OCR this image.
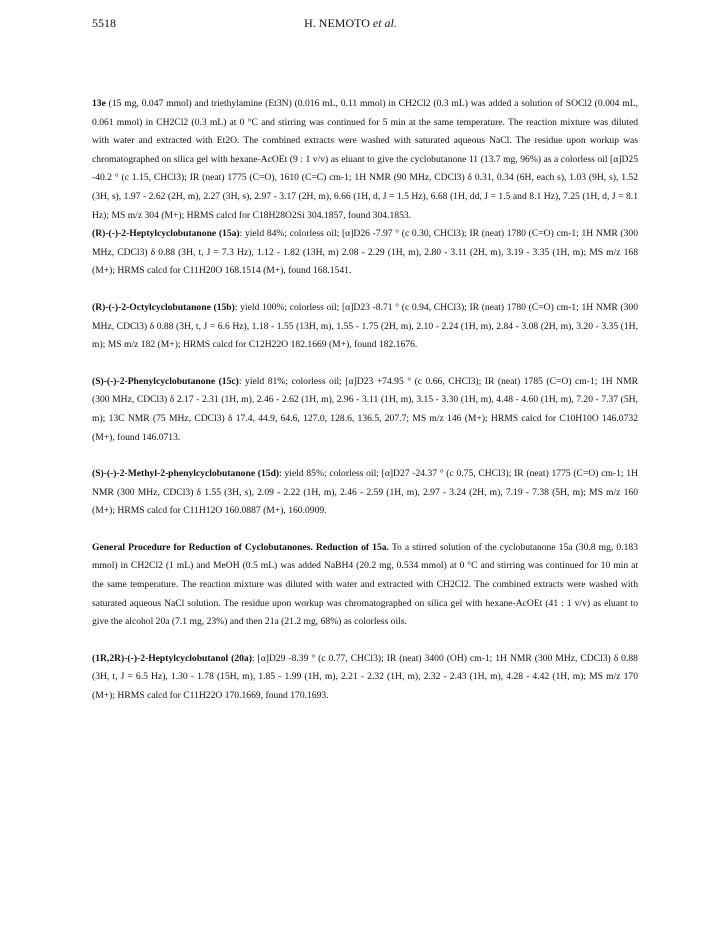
5518	H. NEMOTO et al.

13e (15 mg, 0.047 mmol) and triethylamine (Et3N) (0.016 mL, 0.11 mmol) in CH2Cl2 (0.3 mL) was added a solution of SOCl2 (0.004 mL, 0.061 mmol) in CH2Cl2 (0.3 mL) at 0 °C and stirring was continued for 5 min at the same temperature. The reaction mixture was diluted with water and extracted with Et2O. The combined extracts were washed with saturated aqueous NaCl. The residue upon workup was chromatographed on silica gel with hexane-AcOEt (9 : 1 v/v) as eluant to give the cyclobutanone 11 (13.7 mg, 96%) as a colorless oil [α]D25 -40.2 ° (c 1.15, CHCl3); IR (neat) 1775 (C=O), 1610 (C=C) cm-1; 1H NMR (90 MHz, CDCl3) δ 0.31, 0.34 (6H, each s), 1.03 (9H, s), 1.52 (3H, s), 1.97 - 2.62 (2H, m), 2.27 (3H, s), 2.97 - 3.17 (2H, m), 6.66 (1H, d, J = 1.5 Hz), 6.68 (1H, dd, J = 1.5 and 8.1 Hz), 7.25 (1H, d, J = 8.1 Hz); MS m/z 304 (M+); HRMS calcd for C18H28O2Si 304.1857, found 304.1853.

(R)-(-)-2-Heptylcyclobutanone (15a): yield 84%; colorless oil; [α]D26 -7.97 ° (c 0.30, CHCl3); IR (neat) 1780 (C=O) cm-1; 1H NMR (300 MHz, CDCl3) δ 0.88 (3H, t, J = 7.3 Hz), 1.12 - 1.82 (13H, m) 2.08 - 2.29 (1H, m), 2.80 - 3.11 (2H, m), 3.19 - 3.35 (1H, m); MS m/z 168 (M+); HRMS calcd for C11H20O 168.1514 (M+), found 168.1541.

(R)-(-)-2-Octylcyclobutanone (15b): yield 100%; colorless oil; [α]D23 -8.71 ° (c 0.94, CHCl3); IR (neat) 1780 (C=O) cm-1; 1H NMR (300 MHz, CDCl3) δ 0.88 (3H, t, J = 6.6 Hz), 1.18 - 1.55 (13H, m), 1.55 - 1.75 (2H, m), 2.10 - 2.24 (1H, m), 2.84 - 3.08 (2H, m), 3.20 - 3.35 (1H, m); MS m/z 182 (M+); HRMS calcd for C12H22O 182.1669 (M+), found 182.1676.

(S)-(-)-2-Phenylcyclobutanone (15c): yield 81%; colorless oil; [α]D23 +74.95 ° (c 0.66, CHCl3); IR (neat) 1785 (C=O) cm-1; 1H NMR (300 MHz, CDCl3) δ 2.17 - 2.31 (1H, m), 2.46 - 2.62 (1H, m), 2.96 - 3.11 (1H, m), 3.15 - 3.30 (1H, m), 4.48 - 4.60 (1H, m), 7.20 - 7.37 (5H, m); 13C NMR (75 MHz, CDCl3) δ 17.4, 44.9, 64.6, 127.0, 128.6, 136.5, 207.7; MS m/z 146 (M+); HRMS calcd for C10H10O 146.0732 (M+), found 146.0713.

(S)-(-)-2-Methyl-2-phenylcyclobutanone (15d): yield 85%; colorless oil; [α]D27 -24.37 ° (c 0.75, CHCl3); IR (neat) 1775 (C=O) cm-1; 1H NMR (300 MHz, CDCl3) δ 1.55 (3H, s), 2.09 - 2.22 (1H, m), 2.46 - 2.59 (1H, m), 2.97 - 3.24 (2H, m), 7.19 - 7.38 (5H, m); MS m/z 160 (M+); HRMS calcd for C11H12O 160.0887 (M+), 160.0909.

General Procedure for Reduction of Cyclobutanones. Reduction of 15a. To a stirred solution of the cyclobutanone 15a (30.8 mg, 0.183 mmol) in CH2Cl2 (1 mL) and MeOH (0.5 mL) was added NaBH4 (20.2 mg, 0.534 mmol) at 0 °C and stirring was continued for 10 min at the same temperature. The reaction mixture was diluted with water and extracted with CH2Cl2. The combined extracts were washed with saturated aqueous NaCl solution. The residue upon workup was chromatographed on silica gel with hexane-AcOEt (41 : 1 v/v) as eluant to give the alcohol 20a (7.1 mg, 23%) and then 21a (21.2 mg, 68%) as colorless oils.

(1R,2R)-(-)-2-Heptylcyclobutanol (20a): [α]D29 -8.39 ° (c 0.77, CHCl3); IR (neat) 3400 (OH) cm-1; 1H NMR (300 MHz, CDCl3) δ 0.88 (3H, t, J = 6.5 Hz), 1.30 - 1.78 (15H, m), 1.85 - 1.99 (1H, m), 2.21 - 2.32 (1H, m), 2.32 - 2.43 (1H, m), 4.28 - 4.42 (1H, m); MS m/z 170 (M+); HRMS calcd for C11H22O 170.1669, found 170.1693.
